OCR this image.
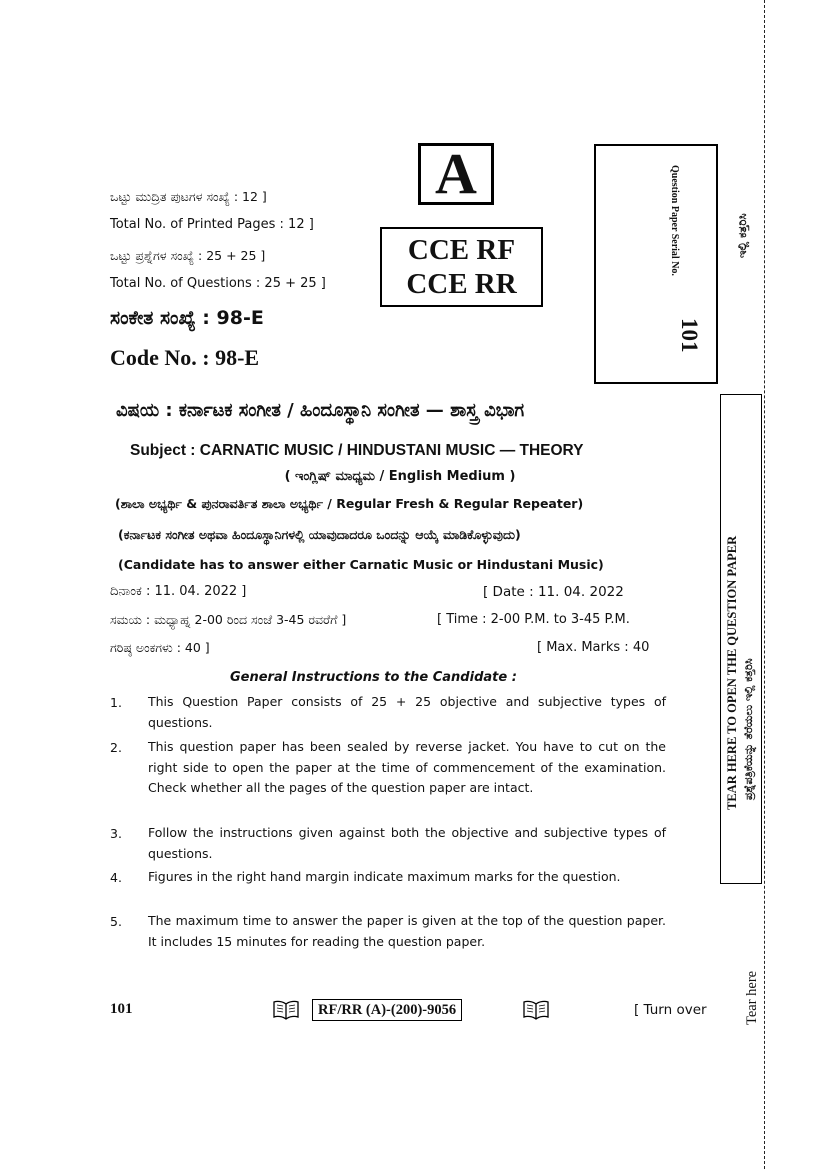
ಒಟ್ಟು ಮುದ್ರಿತ ಪುಟಗಳ ಸಂಖ್ಯೆ : 12 ]
Total No. of Printed Pages : 12 ]
ಒಟ್ಟು ಪ್ರಶ್ನೆಗಳ ಸಂಖ್ಯೆ : 25 + 25 ]
Total No. of Questions : 25 + 25 ]
ಸಂಕೇತ ಸಂಖ್ಯೆ : 98-E
Code No. : 98-E
A
CCE RF
CCE RR
Question Paper Serial No.
101
ವಿಷಯ : ಕರ್ನಾಟಕ ಸಂಗೀತ / ಹಿಂದೂಸ್ಥಾನಿ ಸಂಗೀತ — ಶಾಸ್ತ್ರ ವಿಭಾಗ
Subject : CARNATIC MUSIC / HINDUSTANI MUSIC — THEORY
( ಇಂಗ್ಲಿಷ್ ಮಾಧ್ಯಮ / English Medium )
(ಶಾಲಾ ಅಭ್ಯರ್ಥಿ & ಪುನರಾವರ್ತಿತ ಶಾಲಾ ಅಭ್ಯರ್ಥಿ / Regular Fresh & Regular Repeater)
(ಕರ್ನಾಟಕ ಸಂಗೀತ ಅಥವಾ ಹಿಂದೂಸ್ಥಾನಿಗಳಲ್ಲಿ ಯಾವುದಾದರೂ ಒಂದನ್ನು ಆಯ್ಕೆ ಮಾಡಿಕೊಳ್ಳುವುದು)
(Candidate has to answer either Carnatic Music or Hindustani Music)
ದಿನಾಂಕ : 11. 04. 2022 ]	[ Date : 11. 04. 2022
ಸಮಯ : ಮಧ್ಯಾಹ್ನ 2-00 ರಿಂದ ಸಂಜೆ 3-45 ರವರೆಗೆ ]	[ Time : 2-00 P.M. to 3-45 P.M.
ಗರಿಷ್ಠ ಅಂಕಗಳು : 40 ]	[ Max. Marks : 40
General Instructions to the Candidate :
1. This Question Paper consists of 25 + 25 objective and subjective types of questions.
2. This question paper has been sealed by reverse jacket. You have to cut on the right side to open the paper at the time of commencement of the examination. Check whether all the pages of the question paper are intact.
3. Follow the instructions given against both the objective and subjective types of questions.
4. Figures in the right hand margin indicate maximum marks for the question.
5. The maximum time to answer the paper is given at the top of the question paper. It includes 15 minutes for reading the question paper.
101	RF/RR (A)-(200)-9056	[ Turn over
ಇಲ್ಲಿ ಕತ್ತರಿಸಿ
TEAR HERE TO OPEN THE QUESTION PAPER ಪ್ರಶ್ನೆಪತ್ರಿಕೆಯನ್ನು ತೆರೆಯಲು ಇಲ್ಲಿ ಕತ್ತರಿಸಿ
Tear here
